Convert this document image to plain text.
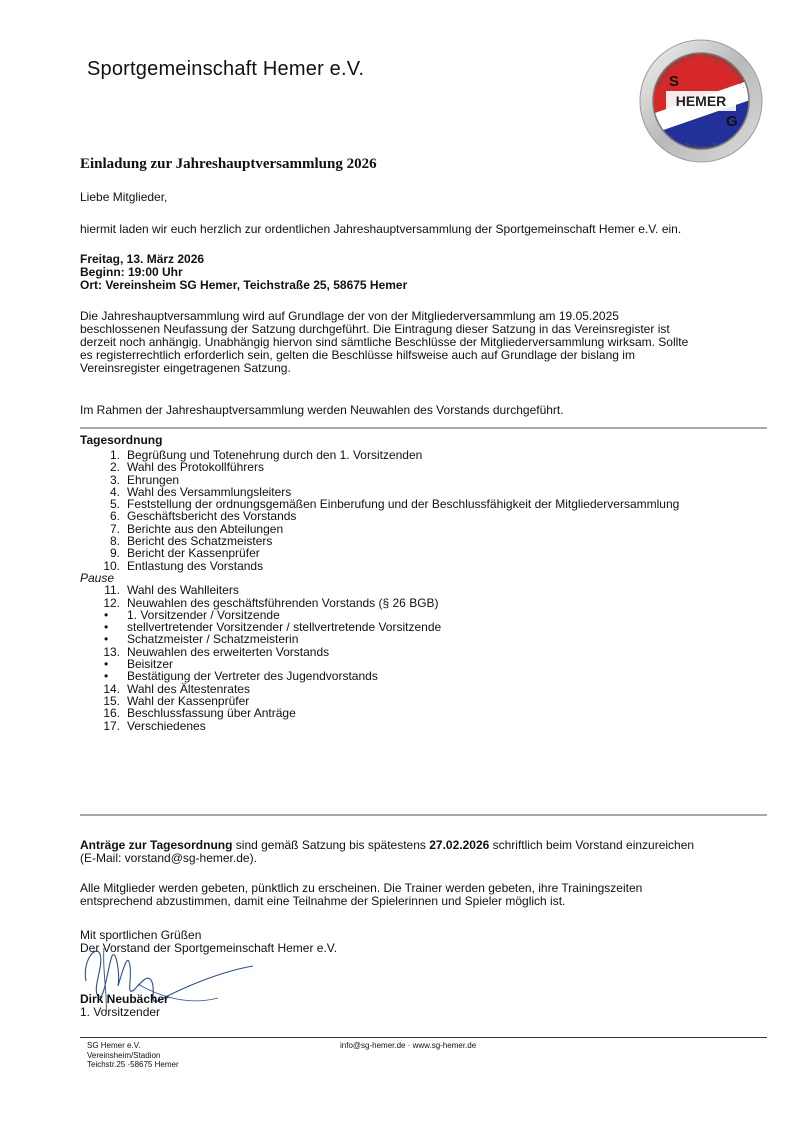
Sportgemeinschaft Hemer e.V.
SpVg Hemer 08 · SpVg Hemer 21 ·
· SG Hemer 76 ·
S
HEMER
G
Einladung zur Jahreshauptversammlung 2026
Liebe Mitglieder,
hiermit laden wir euch herzlich zur ordentlichen Jahreshauptversammlung der Sportgemeinschaft Hemer e.V. ein.
Freitag, 13. März 2026
Beginn: 19:00 Uhr
Ort: Vereinsheim SG Hemer, Teichstraße 25, 58675 Hemer
Die Jahreshauptversammlung wird auf Grundlage der von der Mitgliederversammlung am 19.05.2025
beschlossenen Neufassung der Satzung durchgeführt. Die Eintragung dieser Satzung in das Vereinsregister ist
derzeit noch anhängig. Unabhängig hiervon sind sämtliche Beschlüsse der Mitgliederversammlung wirksam. Sollte
es registerrechtlich erforderlich sein, gelten die Beschlüsse hilfsweise auch auf Grundlage der bislang im
Vereinsregister eingetragenen Satzung.
Im Rahmen der Jahreshauptversammlung werden Neuwahlen des Vorstands durchgeführt.
Tagesordnung
1. Begrüßung und Totenehrung durch den 1. Vorsitzenden
2. Wahl des Protokollführers
3. Ehrungen
4. Wahl des Versammlungsleiters
5. Feststellung der ordnungsgemäßen Einberufung und der Beschlussfähigkeit der Mitgliederversammlung
6. Geschäftsbericht des Vorstands
7. Berichte aus den Abteilungen
8. Bericht des Schatzmeisters
9. Bericht der Kassenprüfer
10. Entlastung des Vorstands
Pause
11. Wahl des Wahlleiters
12. Neuwahlen des geschäftsführenden Vorstands (§ 26 BGB)
• 1. Vorsitzender / Vorsitzende
• stellvertretender Vorsitzender / stellvertretende Vorsitzende
• Schatzmeister / Schatzmeisterin
13. Neuwahlen des erweiterten Vorstands
• Beisitzer
• Bestätigung der Vertreter des Jugendvorstands
14. Wahl des Ältestenrates
15. Wahl der Kassenprüfer
16. Beschlussfassung über Anträge
17. Verschiedenes
Anträge zur Tagesordnung sind gemäß Satzung bis spätestens 27.02.2026 schriftlich beim Vorstand einzureichen
(E-Mail: vorstand@sg-hemer.de).
Alle Mitglieder werden gebeten, pünktlich zu erscheinen. Die Trainer werden gebeten, ihre Trainingszeiten
entsprechend abzustimmen, damit eine Teilnahme der Spielerinnen und Spieler möglich ist.
Mit sportlichen Grüßen
Der Vorstand der Sportgemeinschaft Hemer e.V.
Dirk Neubächer
1. Vorsitzender
SG Hemer e.V.
Vereinsheim/Stadion
Teichstr.25 ·58675 Hemer
info@sg-hemer.de · www.sg-hemer.de
